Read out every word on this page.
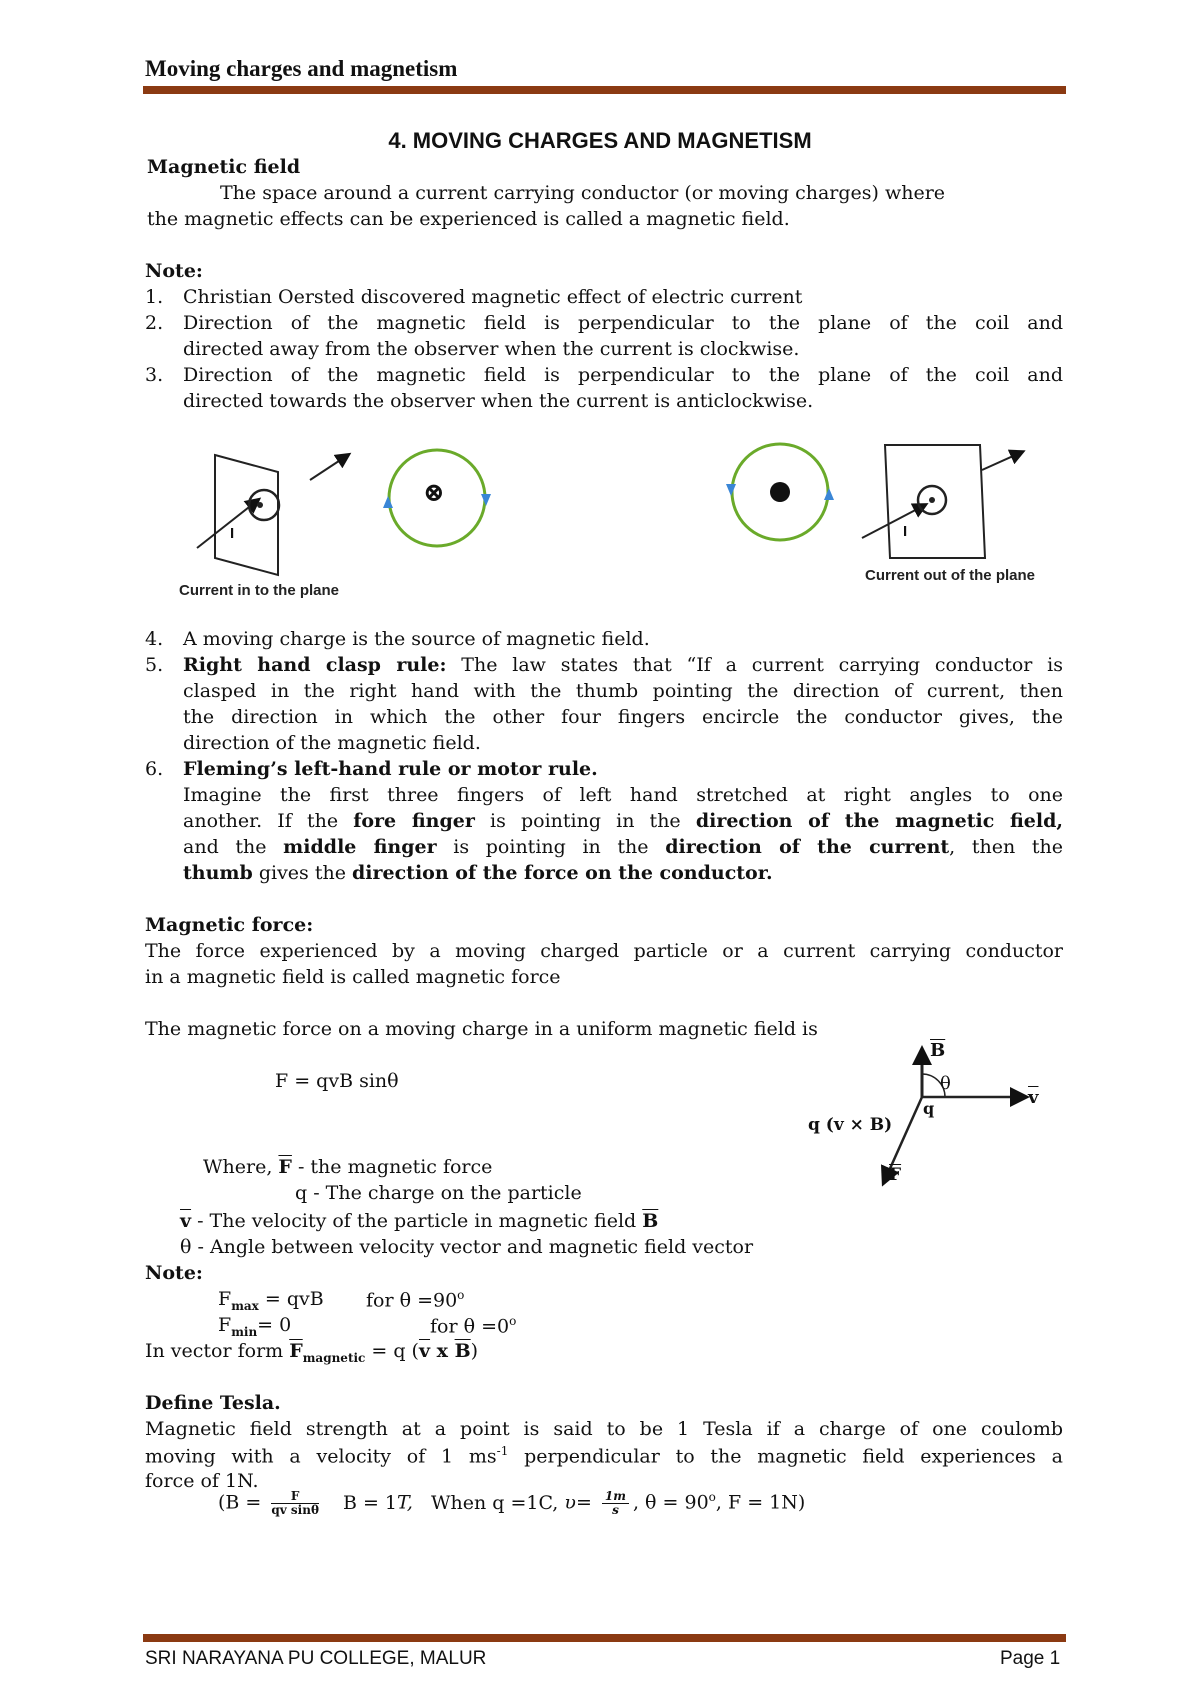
Moving charges and magnetism
4. MOVING CHARGES AND MAGNETISM
Magnetic field
The space around a current carrying conductor (or moving charges) where
the magnetic effects can be experienced is called a magnetic field.
Note:
1. Christian Oersted discovered magnetic effect of electric current
2. Direction of the magnetic field is perpendicular to the plane of the coil and
directed away from the observer when the current is clockwise.
3. Direction of the magnetic field is perpendicular to the plane of the coil and
directed towards the observer when the current is anticlockwise.
I	I
⊗
Current in to the plane
Current out of the plane
4. A moving charge is the source of magnetic field.
5. Right hand clasp rule: The law states that “If a current carrying conductor is
clasped in the right hand with the thumb pointing the direction of current, then
the direction in which the other four fingers encircle the conductor gives, the
direction of the magnetic field.
6. Fleming’s left-hand rule or motor rule.
Imagine the first three fingers of left hand stretched at right angles to one
another. If the fore finger is pointing in the direction of the magnetic field,
and the middle finger is pointing in the direction of the current, then the
thumb gives the direction of the force on the conductor.
Magnetic force:
The force experienced by a moving charged particle or a current carrying conductor
in a magnetic field is called magnetic force
The magnetic force on a moving charge in a uniform magnetic field is
F = qvB sinθ
Where, $\overline{F}$ - the magnetic force
q - The charge on the particle
$\overline{v}$ - The velocity of the particle in magnetic field $\overline{B}$
θ - Angle between velocity vector and magnetic field vector
$\overline{B}$
θ
$\overline{v}$
q
q (v × B)
$\overline{F}$
Note:
$F_{max}$ = qvB for $\theta =90^o$
$F_{min}= 0$	for $\theta =0^o$
In vector form $\overline{F}_{magnetic} = q$ ($\overline{v}$ x $\overline{B}$)
Define Tesla.
Magnetic field strength at a point is said to be 1 Tesla if a charge of one coulomb
moving with a velocity of 1 $ms^{-1}$ perpendicular to the magnetic field experiences a
force of 1N.
($B = \frac{F}{\text{qv sinθ}}$ B = 1T, When q =1C, $\upsilon= \frac{1m}{s}$ , $\theta = 90^o$, F = 1N)
SRI NARAYANA PU COLLEGE, MALUR	Page 1
